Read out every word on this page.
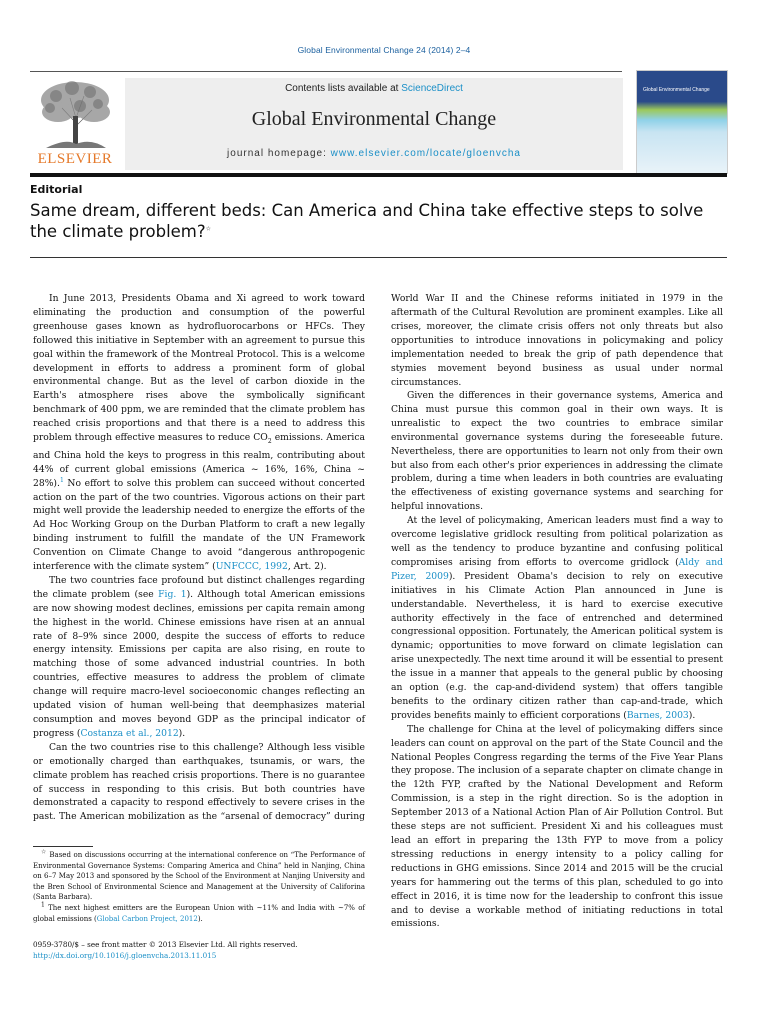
Global Environmental Change 24 (2014) 2–4
ELSEVIER
Contents lists available at ScienceDirect
Global Environmental Change
journal homepage: www.elsevier.com/locate/gloenvcha
Global Environmental Change
Editorial
Same dream, different beds: Can America and China take effective steps to solve the climate problem?☆

In June 2013, Presidents Obama and Xi agreed to work toward eliminating the production and consumption of the powerful greenhouse gases known as hydrofluorocarbons or HFCs. They followed this initiative in September with an agreement to pursue this goal within the framework of the Montreal Protocol. This is a welcome development in efforts to address a prominent form of global environmental change. But as the level of carbon dioxide in the Earth's atmosphere rises above the symbolically significant benchmark of 400 ppm, we are reminded that the climate problem has reached crisis proportions and that there is a need to address this problem through effective measures to reduce $CO_2$ emissions. America and China hold the keys to progress in this realm, contributing about 44% of current global emissions (America ~ 16%, 16%, China ~ 28%).$^1$ No effort to solve this problem can succeed without concerted action on the part of the two countries. Vigorous actions on their part might well provide the leadership needed to energize the efforts of the Ad Hoc Working Group on the Durban Platform to craft a new legally binding instrument to fulfill the mandate of the UN Framework Convention on Climate Change to avoid “dangerous anthropogenic interference with the climate system” (UNFCCC, 1992, Art. 2).

The two countries face profound but distinct challenges regarding the climate problem (see Fig. 1). Although total American emissions are now showing modest declines, emissions per capita remain among the highest in the world. Chinese emissions have risen at an annual rate of 8–9% since 2000, despite the success of efforts to reduce energy intensity. Emissions per capita are also rising, en route to matching those of some advanced industrial countries. In both countries, effective measures to address the problem of climate change will require macro-level socioeconomic changes reflecting an updated vision of human well-being that deemphasizes material consumption and moves beyond GDP as the principal indicator of progress (Costanza et al., 2012).

Can the two countries rise to this challenge? Although less visible or emotionally charged than earthquakes, tsunamis, or wars, the climate problem has reached crisis proportions. There is no guarantee of success in responding to this crisis. But both countries have demonstrated a capacity to respond effectively to severe crises in the past. The American mobilization as the “arsenal of democracy” during

World War II and the Chinese reforms initiated in 1979 in the aftermath of the Cultural Revolution are prominent examples. Like all crises, moreover, the climate crisis offers not only threats but also opportunities to introduce innovations in policymaking and policy implementation needed to break the grip of path dependence that stymies movement beyond business as usual under normal circumstances.

Given the differences in their governance systems, America and China must pursue this common goal in their own ways. It is unrealistic to expect the two countries to embrace similar environmental governance systems during the foreseeable future. Nevertheless, there are opportunities to learn not only from their own but also from each other's prior experiences in addressing the climate problem, during a time when leaders in both countries are evaluating the effectiveness of existing governance systems and searching for helpful innovations.

At the level of policymaking, American leaders must find a way to overcome legislative gridlock resulting from political polarization as well as the tendency to produce byzantine and confusing political compromises arising from efforts to overcome gridlock (Aldy and Pizer, 2009). President Obama's decision to rely on executive initiatives in his Climate Action Plan announced in June is understandable. Nevertheless, it is hard to exercise executive authority effectively in the face of entrenched and determined congressional opposition. Fortunately, the American political system is dynamic; opportunities to move forward on climate legislation can arise unexpectedly. The next time around it will be essential to present the issue in a manner that appeals to the general public by choosing an option (e.g. the cap-and-dividend system) that offers tangible benefits to the ordinary citizen rather than cap-and-trade, which provides benefits mainly to efficient corporations (Barnes, 2003).

The challenge for China at the level of policymaking differs since leaders can count on approval on the part of the State Council and the National Peoples Congress regarding the terms of the Five Year Plans they propose. The inclusion of a separate chapter on climate change in the 12th FYP, crafted by the National Development and Reform Commission, is a step in the right direction. So is the adoption in September 2013 of a National Action Plan of Air Pollution Control. But these steps are not sufficient. President Xi and his colleagues must lead an effort in preparing the 13th FYP to move from a policy stressing reductions in energy intensity to a policy calling for reductions in GHG emissions. Since 2014 and 2015 will be the crucial years for hammering out the terms of this plan, scheduled to go into effect in 2016, it is time now for the leadership to confront this issue and to devise a workable method of initiating reductions in total emissions.

☆ Based on discussions occurring at the international conference on “The Performance of Environmental Governance Systems: Comparing America and China” held in Nanjing, China on 6–7 May 2013 and sponsored by the School of the Environment at Nanjing University and the Bren School of Environmental Science and Management at the University of Califorina (Santa Barbara).

$^1$ The next highest emitters are the European Union with ~11% and India with ~7% of global emissions (Global Carbon Project, 2012).

0959-3780/$ – see front matter © 2013 Elsevier Ltd. All rights reserved.
http://dx.doi.org/10.1016/j.gloenvcha.2013.11.015
